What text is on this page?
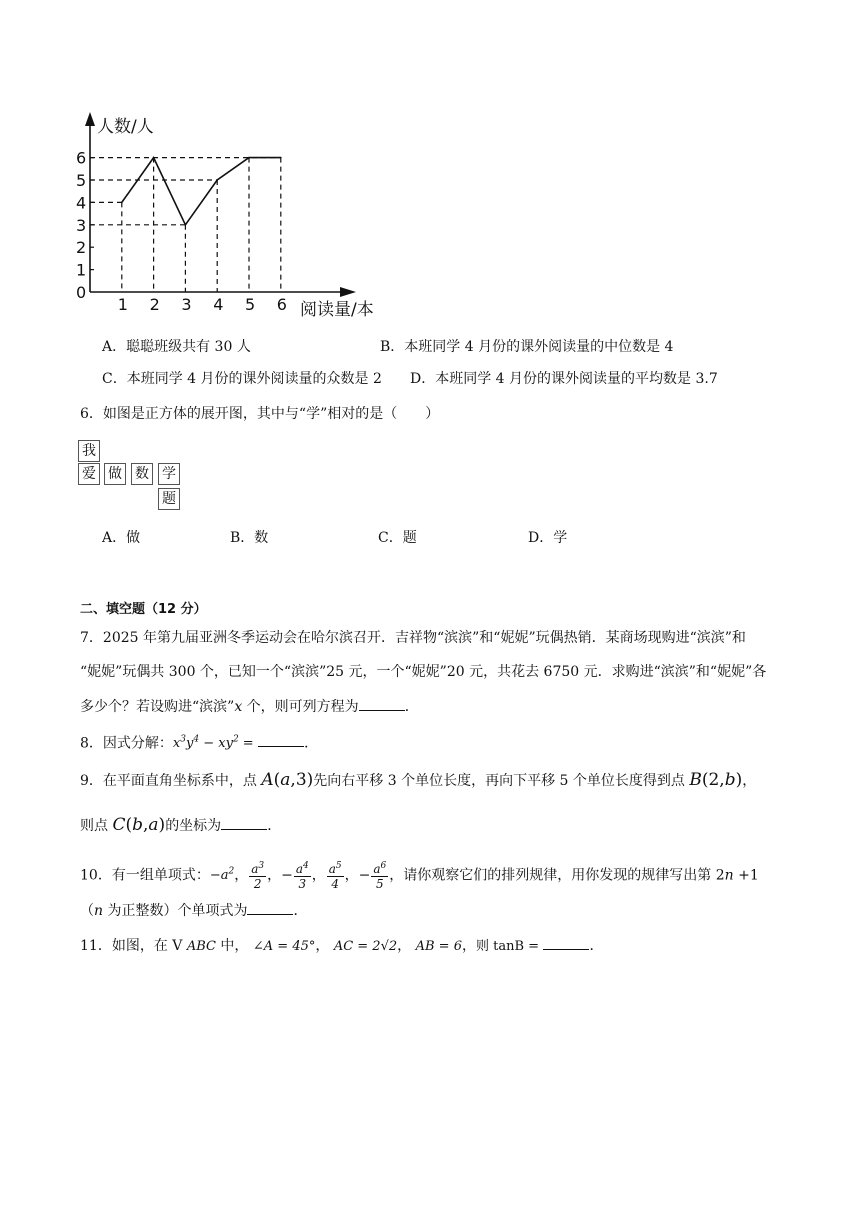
人数/人
阅读量/本
0
1
2
3
4
5
6
1 2 3 4 5 6
A．聪聪班级共有 30 人	B．本班同学 4 月份的课外阅读量的中位数是 4
C．本班同学 4 月份的课外阅读量的众数是 2 D．本班同学 4 月份的课外阅读量的平均数是 3.7
6．如图是正方体的展开图，其中与“学”相对的是（　　）
我
爱 做 数 学
题
A．做	B．数	C．题	D．学
二、填空题（12 分）
7．2025 年第九届亚洲冬季运动会在哈尔滨召开．吉祥物“滨滨”和“妮妮”玩偶热销．某商场现购进“滨滨”和
“妮妮”玩偶共 300 个，已知一个“滨滨”25 元，一个“妮妮”20 元，共花去 6750 元．求购进“滨滨”和“妮妮”各
多少个？若设购进“滨滨”x 个，则可列方程为	．
8．因式分解：$x^3y^4 - xy^2$ =	．
9．在平面直角坐标系中，点 A(a,3)先向右平移 3 个单位长度，再向下平移 5 个单位长度得到点 B(2,b)，
则点 C(b,a)的坐标为	．
10．有一组单项式：$-a^2$， $\frac{a^3}{2}$ ，− $\frac{a^4}{3}$ ， $\frac{a^5}{4}$ ，− $\frac{a^6}{5}$ ，请你观察它们的排列规律，用你发现的规律写出第 2n +1
（n 为正整数）个单项式为	．
11．如图，在 V ABC 中， ∠A = 45°， AC = 2√2， AB = 6，则 tanB =	．
